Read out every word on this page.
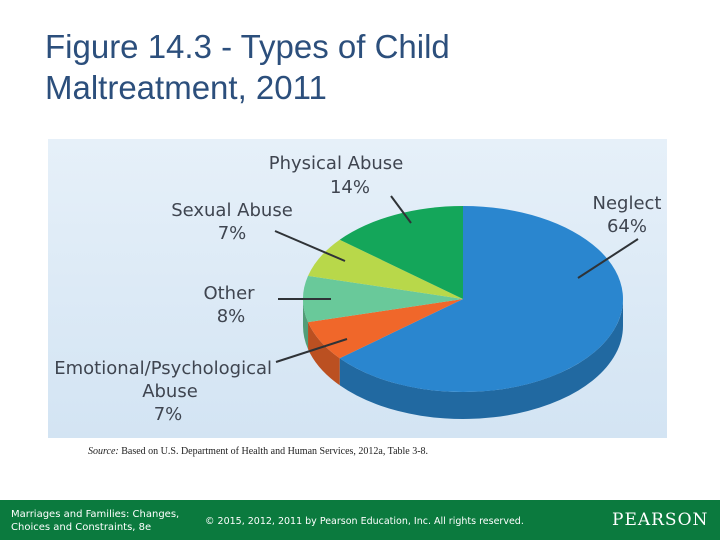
Figure 14.3 - Types of Child Maltreatment, 2011
Physical Abuse
14%
Sexual Abuse
7%
Neglect
64%
Other
8%
Emotional/Psychological Abuse
7%
Source: Based on U.S. Department of Health and Human Services, 2012a, Table 3-8.
Marriages and Families: Changes,
Choices and Constraints, 8e
© 2015, 2012, 2011 by Pearson Education, Inc. All rights reserved.	PEARSON
